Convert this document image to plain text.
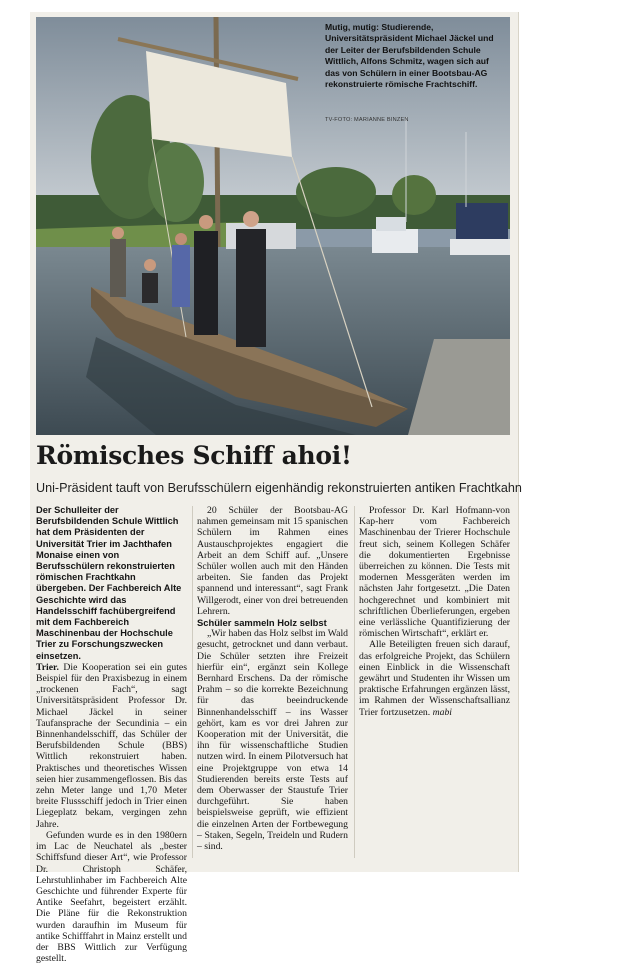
Mutig, mutig: Studierende, Universitätspräsident Michael Jäckel und der Leiter der Berufsbildenden Schule Wittlich, Alfons Schmitz, wagen sich auf das von Schülern in einer Bootsbau-AG rekonstruierte römische Frachtschiff.
TV-FOTO: MARIANNE BINZEN
Römisches Schiff ahoi!
Uni-Präsident tauft von Berufsschülern eigenhändig rekonstruierten antiken Frachtkahn

Der Schulleiter der Berufsbildenden Schule Wittlich hat dem Präsidenten der Universität Trier im Jachthafen Monaise einen von Berufsschülern rekonstruierten römischen Frachtkahn übergeben. Der Fachbereich Alte Geschichte wird das Handelsschiff fachübergreifend mit dem Fachbereich Maschinenbau der Hochschule Trier zu Forschungszwecken einsetzen.

Trier. Die Kooperation sei ein gutes Beispiel für den Praxisbezug in einem „trockenen Fach“, sagt Universitätspräsident Professor Dr. Michael Jäckel in seiner Taufansprache der Secundinia – ein Binnenhandelsschiff, das Schüler der Berufsbildenden Schule (BBS) Wittlich rekonstruiert haben. Praktisches und theoretisches Wissen seien hier zusammengeflossen. Bis das zehn Meter lange und 1,70 Meter breite Flussschiff jedoch in Trier einen Liegeplatz bekam, vergingen zehn Jahre.

Gefunden wurde es in den 1980ern im Lac de Neuchatel als „bester Schiffsfund dieser Art“, wie Professor Dr. Christoph Schäfer, Lehrstuhlinhaber im Fachbereich Alte Geschichte und führender Experte für Antike Seefahrt, begeistert erzählt. Die Pläne für die Rekonstruktion wurden daraufhin im Museum für antike Schifffahrt in Mainz erstellt und der BBS Wittlich zur Verfügung gestellt.

20 Schüler der Bootsbau-AG nahmen gemeinsam mit 15 spanischen Schülern im Rahmen eines Austauschprojektes engagiert die Arbeit an dem Schiff auf. „Unsere Schüler wollen auch mit den Händen arbeiten. Sie fanden das Projekt spannend und interessant“, sagt Frank Willgerodt, einer von drei betreuenden Lehrern.

Schüler sammeln Holz selbst

„Wir haben das Holz selbst im Wald gesucht, getrocknet und dann verbaut. Die Schüler setzten ihre Freizeit hierfür ein“, ergänzt sein Kollege Bernhard Erschens. Da der römische Prahm – so die korrekte Bezeichnung für das beeindruckende Binnenhandelsschiff – ins Wasser gehört, kam es vor drei Jahren zur Kooperation mit der Universität, die ihn für wissenschaftliche Studien nutzen wird. In einem Pilotversuch hat eine Projektgruppe von etwa 14 Studierenden bereits erste Tests auf dem Oberwasser der Staustufe Trier durchgeführt. Sie haben beispielsweise geprüft, wie effizient die einzelnen Arten der Fortbewegung – Staken, Segeln, Treideln und Rudern – sind.

Professor Dr. Karl Hofmann-von Kap-herr vom Fachbereich Maschinenbau der Trierer Hochschule freut sich, seinem Kollegen Schäfer die dokumentierten Ergebnisse überreichen zu können. Die Tests mit modernen Messgeräten werden im nächsten Jahr fortgesetzt. „Die Daten hochgerechnet und kombiniert mit schriftlichen Überlieferungen, ergeben eine verlässliche Quantifizierung der römischen Wirtschaft“, erklärt er.

Alle Beteiligten freuen sich darauf, das erfolgreiche Projekt, das Schülern einen Einblick in die Wissenschaft gewährt und Studenten ihr Wissen um praktische Erfahrungen ergänzen lässt, im Rahmen der Wissenschaftsallianz Trier fortzusetzen. mabi
